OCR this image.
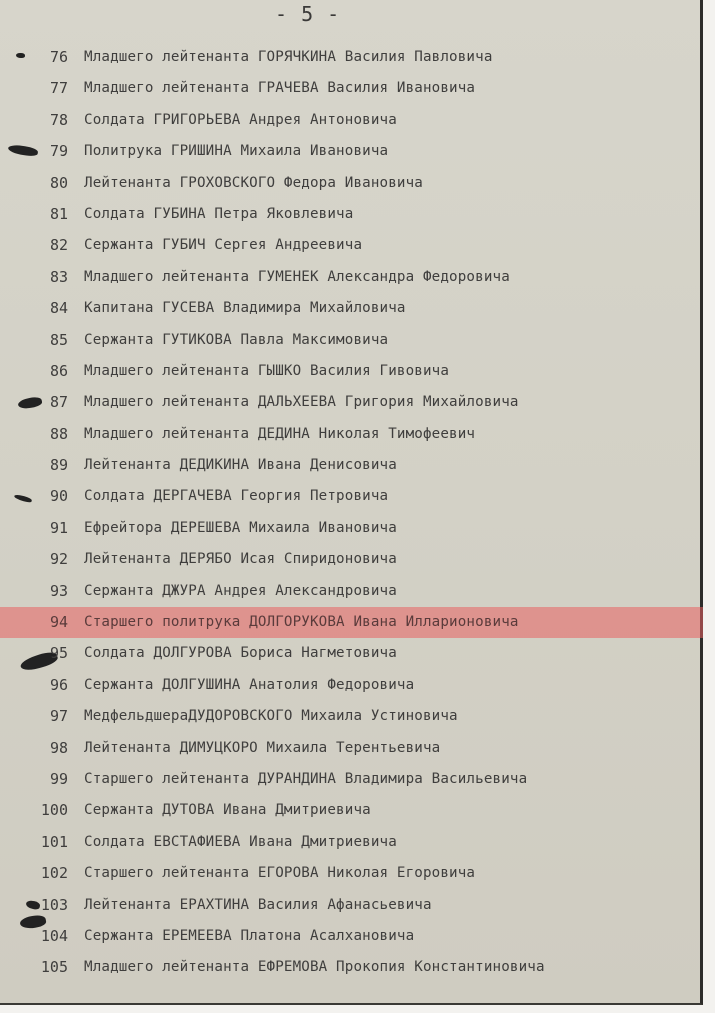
- 5 -
76 Младшего лейтенанта ГОРЯЧКИНА Василия Павловича
77 Младшего лейтенанта ГРАЧЕВА Василия Ивановича
78 Солдата ГРИГОРЬЕВА Андрея Антоновича
79 Политрука ГРИШИНА Михаила Ивановича
80 Лейтенанта ГРОХОВСКОГО Федора Ивановича
81 Солдата ГУБИНА Петра Яковлевича
82 Сержанта ГУБИЧ Сергея Андреевича
83 Младшего лейтенанта ГУМЕНЕК Александра Федоровича
84 Капитана ГУСЕВА Владимира Михайловича
85 Сержанта ГУТИКОВА Павла Максимовича
86 Младшего лейтенанта ГЫШКО Василия Гивовича
87 Младшего лейтенанта ДАЛЬХЕЕВА Григория Михайловича
88 Младшего лейтенанта ДЕДИНА Николая Тимофеевич
89 Лейтенанта ДЕДИКИНА Ивана Денисовича
90 Солдата ДЕРГАЧЕВА Георгия Петровича
91 Ефрейтора ДЕРЕШЕВА Михаила Ивановича
92 Лейтенанта ДЕРЯБО Исая Спиридоновича
93 Сержанта ДЖУРА Андрея Александровича
94 Старшего политрука ДОЛГОРУКОВА Ивана Илларионовича
95 Солдата ДОЛГУРОВА Бориса Нагметовича
96 Сержанта ДОЛГУШИНА Анатолия Федоровича
97 МедфельдшераДУДОРОВСКОГО Михаила Устиновича
98 Лейтенанта ДИМУЦКОРО Михаила Терентьевича
99 Старшего лейтенанта ДУРАНДИНА Владимира Васильевича
100 Сержанта ДУТОВА Ивана Дмитриевича
101 Солдата ЕВСТАФИЕВА Ивана Дмитриевича
102 Старшего лейтенанта ЕГОРОВА Николая Егоровича
103 Лейтенанта ЕРАХТИНА Василия Афанасьевича
104 Сержанта ЕРЕМЕЕВА Платона Асалхановича
105 Младшего лейтенанта ЕФРЕМОВА Прокопия Константиновича
